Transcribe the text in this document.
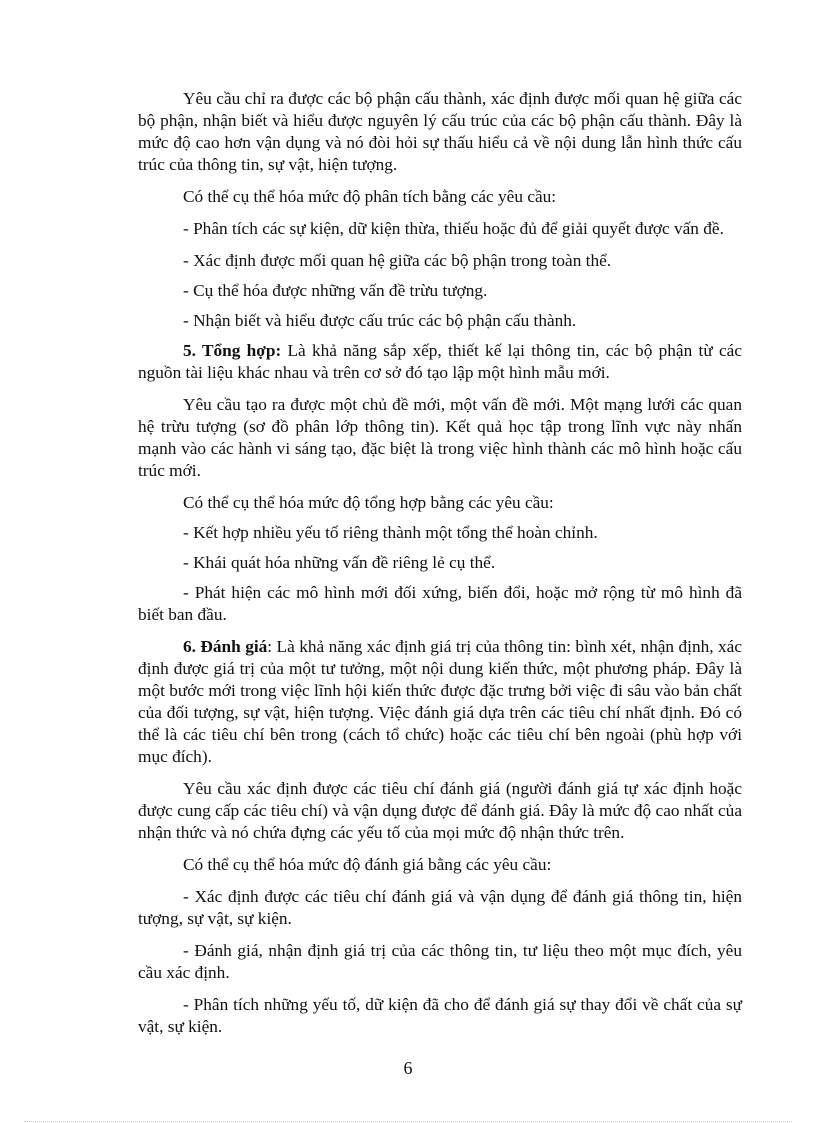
Yêu cầu chỉ ra được các bộ phận cấu thành, xác định được mối quan hệ giữa các bộ phận, nhận biết và hiểu được nguyên lý cấu trúc của các bộ phận cấu thành. Đây là mức độ cao hơn vận dụng và nó đòi hỏi sự thấu hiểu cả về nội dung lẫn hình thức cấu trúc của thông tin, sự vật, hiện tượng.

Có thể cụ thể hóa mức độ phân tích bằng các yêu cầu:

- Phân tích các sự kiện, dữ kiện thừa, thiếu hoặc đủ để giải quyết được vấn đề.

- Xác định được mối quan hệ giữa các bộ phận trong toàn thể.

- Cụ thể hóa được những vấn đề trừu tượng.

- Nhận biết và hiểu được cấu trúc các bộ phận cấu thành.

5. Tổng hợp: Là khả năng sắp xếp, thiết kế lại thông tin, các bộ phận từ các nguồn tài liệu khác nhau và trên cơ sở đó tạo lập một hình mẫu mới.

Yêu cầu tạo ra được một chủ đề mới, một vấn đề mới. Một mạng lưới các quan hệ trừu tượng (sơ đồ phân lớp thông tin). Kết quả học tập trong lĩnh vực này nhấn mạnh vào các hành vi sáng tạo, đặc biệt là trong việc hình thành các mô hình hoặc cấu trúc mới.

Có thể cụ thể hóa mức độ tổng hợp bằng các yêu cầu:

- Kết hợp nhiều yếu tố riêng thành một tổng thể hoàn chỉnh.

- Khái quát hóa những vấn đề riêng lẻ cụ thể.

- Phát hiện các mô hình mới đối xứng, biến đổi, hoặc mở rộng từ mô hình đã biết ban đầu.

6. Đánh giá: Là khả năng xác định giá trị của thông tin: bình xét, nhận định, xác định được giá trị của một tư tưởng, một nội dung kiến thức, một phương pháp. Đây là một bước mới trong việc lĩnh hội kiến thức được đặc trưng bởi việc đi sâu vào bản chất của đối tượng, sự vật, hiện tượng. Việc đánh giá dựa trên các tiêu chí nhất định. Đó có thể là các tiêu chí bên trong (cách tổ chức) hoặc các tiêu chí bên ngoài (phù hợp với mục đích).

Yêu cầu xác định được các tiêu chí đánh giá (người đánh giá tự xác định hoặc được cung cấp các tiêu chí) và vận dụng được để đánh giá. Đây là mức độ cao nhất của nhận thức và nó chứa đựng các yếu tố của mọi mức độ nhận thức trên.

Có thể cụ thể hóa mức độ đánh giá bằng các yêu cầu:

- Xác định được các tiêu chí đánh giá và vận dụng để đánh giá thông tin, hiện tượng, sự vật, sự kiện.

- Đánh giá, nhận định giá trị của các thông tin, tư liệu theo một mục đích, yêu cầu xác định.

- Phân tích những yếu tố, dữ kiện đã cho để đánh giá sự thay đổi về chất của sự vật, sự kiện.

6
